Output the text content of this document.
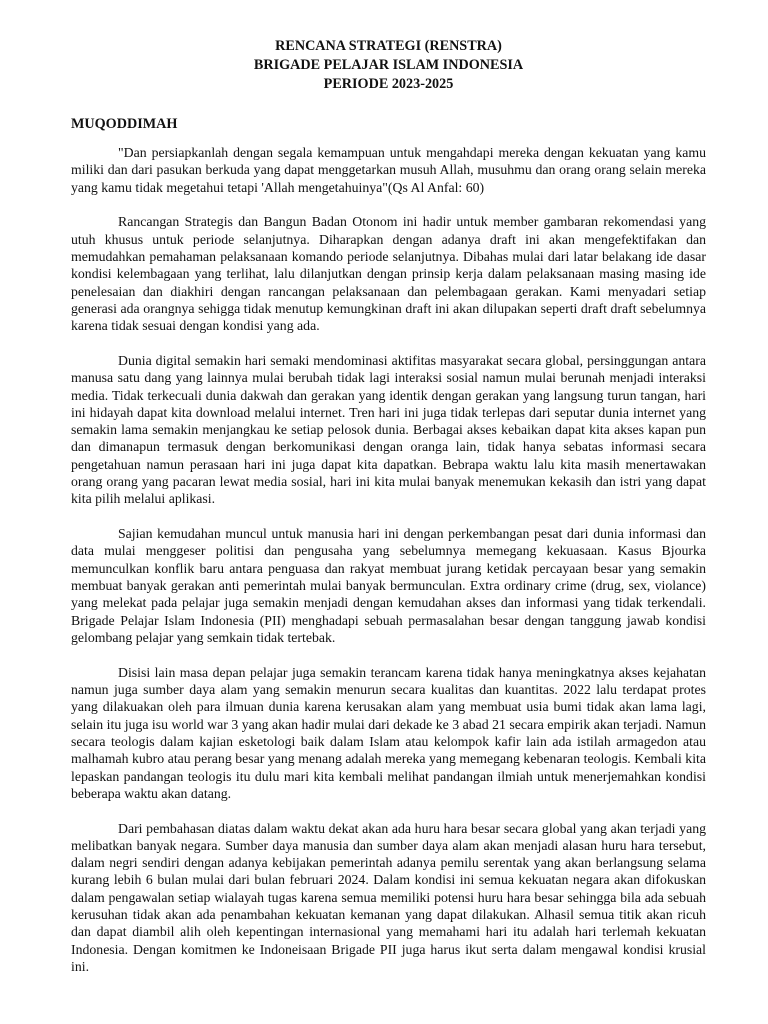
RENCANA STRATEGI (RENSTRA)
BRIGADE PELAJAR ISLAM INDONESIA
PERIODE 2023-2025
MUQODDIMAH

"Dan persiapkanlah dengan segala kemampuan untuk mengahdapi mereka dengan kekuatan yang kamu miliki dan dari pasukan berkuda yang dapat menggetarkan musuh Allah, musuhmu dan orang orang selain mereka yang kamu tidak megetahui tetapi 'Allah mengetahuinya"(Qs Al Anfal: 60)

Rancangan Strategis dan Bangun Badan Otonom ini hadir untuk member gambaran rekomendasi yang utuh khusus untuk periode selanjutnya. Diharapkan dengan adanya draft ini akan mengefektifakan dan memudahkan pemahaman pelaksanaan komando periode selanjutnya. Dibahas mulai dari latar belakang ide dasar kondisi kelembagaan yang terlihat, lalu dilanjutkan dengan prinsip kerja dalam pelaksanaan masing masing ide penelesaian dan diakhiri dengan rancangan pelaksanaan dan pelembagaan gerakan. Kami menyadari setiap generasi ada orangnya sehigga tidak menutup kemungkinan draft ini akan dilupakan seperti draft draft sebelumnya karena tidak sesuai dengan kondisi yang ada.

Dunia digital semakin hari semaki mendominasi aktifitas masyarakat secara global, persinggungan antara manusa satu dang yang lainnya mulai berubah tidak lagi interaksi sosial namun mulai berunah menjadi interaksi media. Tidak terkecuali dunia dakwah dan gerakan yang identik dengan gerakan yang langsung turun tangan, hari ini hidayah dapat kita download melalui internet. Tren hari ini juga tidak terlepas dari seputar dunia internet yang semakin lama semakin menjangkau ke setiap pelosok dunia. Berbagai akses kebaikan dapat kita akses kapan pun dan dimanapun termasuk dengan berkomunikasi dengan oranga lain, tidak hanya sebatas informasi secara pengetahuan namun perasaan hari ini juga dapat kita dapatkan. Bebrapa waktu lalu kita masih menertawakan orang orang yang pacaran lewat media sosial, hari ini kita mulai banyak menemukan kekasih dan istri yang dapat kita pilih melalui aplikasi.

Sajian kemudahan muncul untuk manusia hari ini dengan perkembangan pesat dari dunia informasi dan data mulai menggeser politisi dan pengusaha yang sebelumnya memegang kekuasaan. Kasus Bjourka memunculkan konflik baru antara penguasa dan rakyat membuat jurang ketidak percayaan besar yang semakin membuat banyak gerakan anti pemerintah mulai banyak bermunculan. Extra ordinary crime (drug, sex, violance) yang melekat pada pelajar juga semakin menjadi dengan kemudahan akses dan informasi yang tidak terkendali. Brigade Pelajar Islam Indonesia (PII) menghadapi sebuah permasalahan besar dengan tanggung jawab kondisi gelombang pelajar yang semkain tidak tertebak.

Disisi lain masa depan pelajar juga semakin terancam karena tidak hanya meningkatnya akses kejahatan namun juga sumber daya alam yang semakin menurun secara kualitas dan kuantitas. 2022 lalu terdapat protes yang dilakuakan oleh para ilmuan dunia karena kerusakan alam yang membuat usia bumi tidak akan lama lagi, selain itu juga isu world war 3 yang akan hadir mulai dari dekade ke 3 abad 21 secara empirik akan terjadi. Namun secara teologis dalam kajian esketologi baik dalam Islam atau kelompok kafir lain ada istilah armagedon atau malhamah kubro atau perang besar yang menang adalah mereka yang memegang kebenaran teologis. Kembali kita lepaskan pandangan teologis itu dulu mari kita kembali melihat pandangan ilmiah untuk menerjemahkan kondisi beberapa waktu akan datang.

Dari pembahasan diatas dalam waktu dekat akan ada huru hara besar secara global yang akan terjadi yang melibatkan banyak negara. Sumber daya manusia dan sumber daya alam akan menjadi alasan huru hara tersebut, dalam negri sendiri dengan adanya kebijakan pemerintah adanya pemilu serentak yang akan berlangsung selama kurang lebih 6 bulan mulai dari bulan februari 2024. Dalam kondisi ini semua kekuatan negara akan difokuskan dalam pengawalan setiap wialayah tugas karena semua memiliki potensi huru hara besar sehingga bila ada sebuah kerusuhan tidak akan ada penambahan kekuatan kemanan yang dapat dilakukan. Alhasil semua titik akan ricuh dan dapat diambil alih oleh kepentingan internasional yang memahami hari itu adalah hari terlemah kekuatan Indonesia. Dengan komitmen ke Indoneisaan Brigade PII juga harus ikut serta dalam mengawal kondisi krusial ini.
